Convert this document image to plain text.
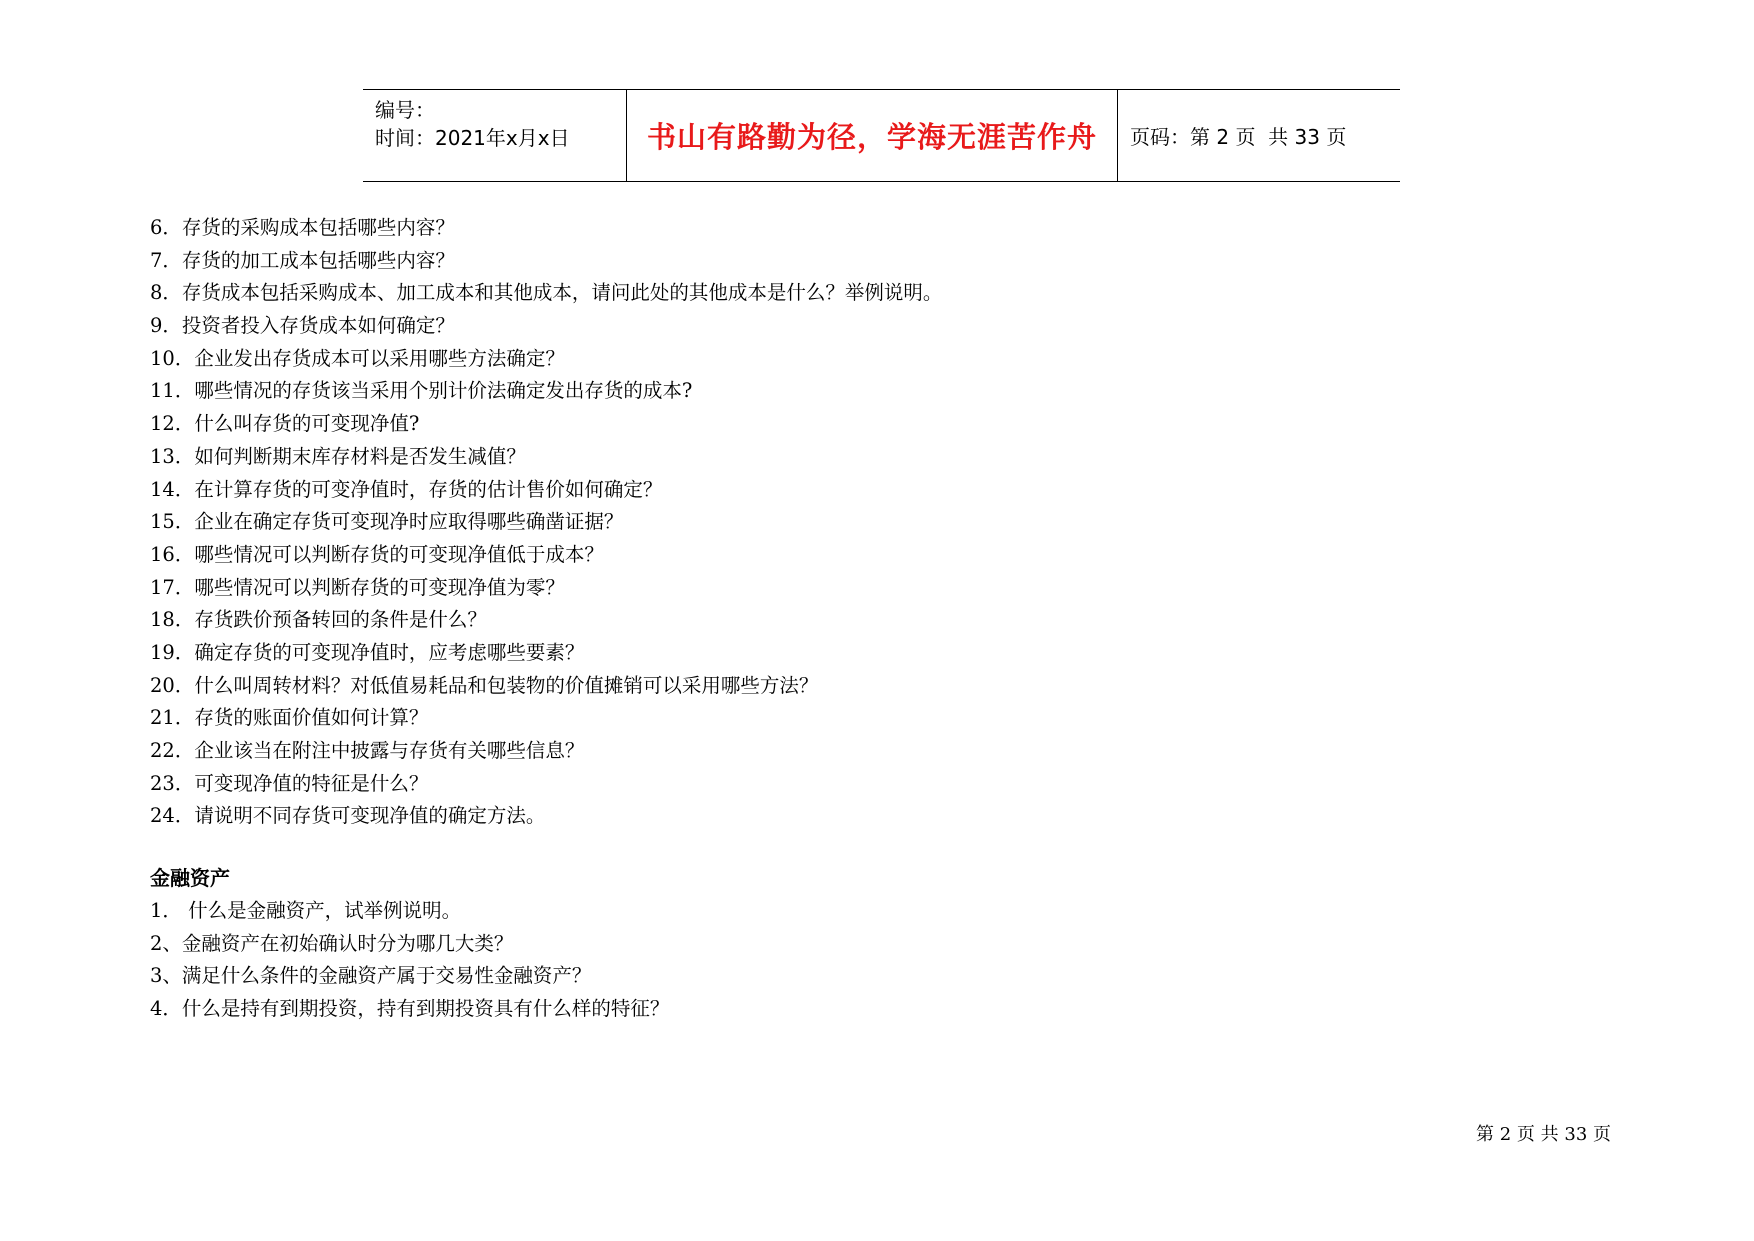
编号：
时间：2021年x月x日	书山有路勤为径，学海无涯苦作舟 页码：第 2 页  共 33 页
6．存货的采购成本包括哪些内容？
7．存货的加工成本包括哪些内容？
8．存货成本包括采购成本、加工成本和其他成本，请问此处的其他成本是什么？举例说明。
9．投资者投入存货成本如何确定？
10．企业发出存货成本可以采用哪些方法确定？
11．哪些情况的存货该当采用个别计价法确定发出存货的成本?
12．什么叫存货的可变现净值?
13．如何判断期末库存材料是否发生减值？
14．在计算存货的可变净值时，存货的估计售价如何确定？
15．企业在确定存货可变现净时应取得哪些确凿证据？
16．哪些情况可以判断存货的可变现净值低于成本？
17．哪些情况可以判断存货的可变现净值为零？
18．存货跌价预备转回的条件是什么？
19．确定存货的可变现净值时，应考虑哪些要素？
20．什么叫周转材料？对低值易耗品和包装物的价值摊销可以采用哪些方法？
21．存货的账面价值如何计算？
22．企业该当在附注中披露与存货有关哪些信息？
23．可变现净值的特征是什么？
24．请说明不同存货可变现净值的确定方法。
金融资产
1． 什么是金融资产，试举例说明。
2、金融资产在初始确认时分为哪几大类？
3、满足什么条件的金融资产属于交易性金融资产？
4．什么是持有到期投资，持有到期投资具有什么样的特征？
第 2 页 共 33 页
